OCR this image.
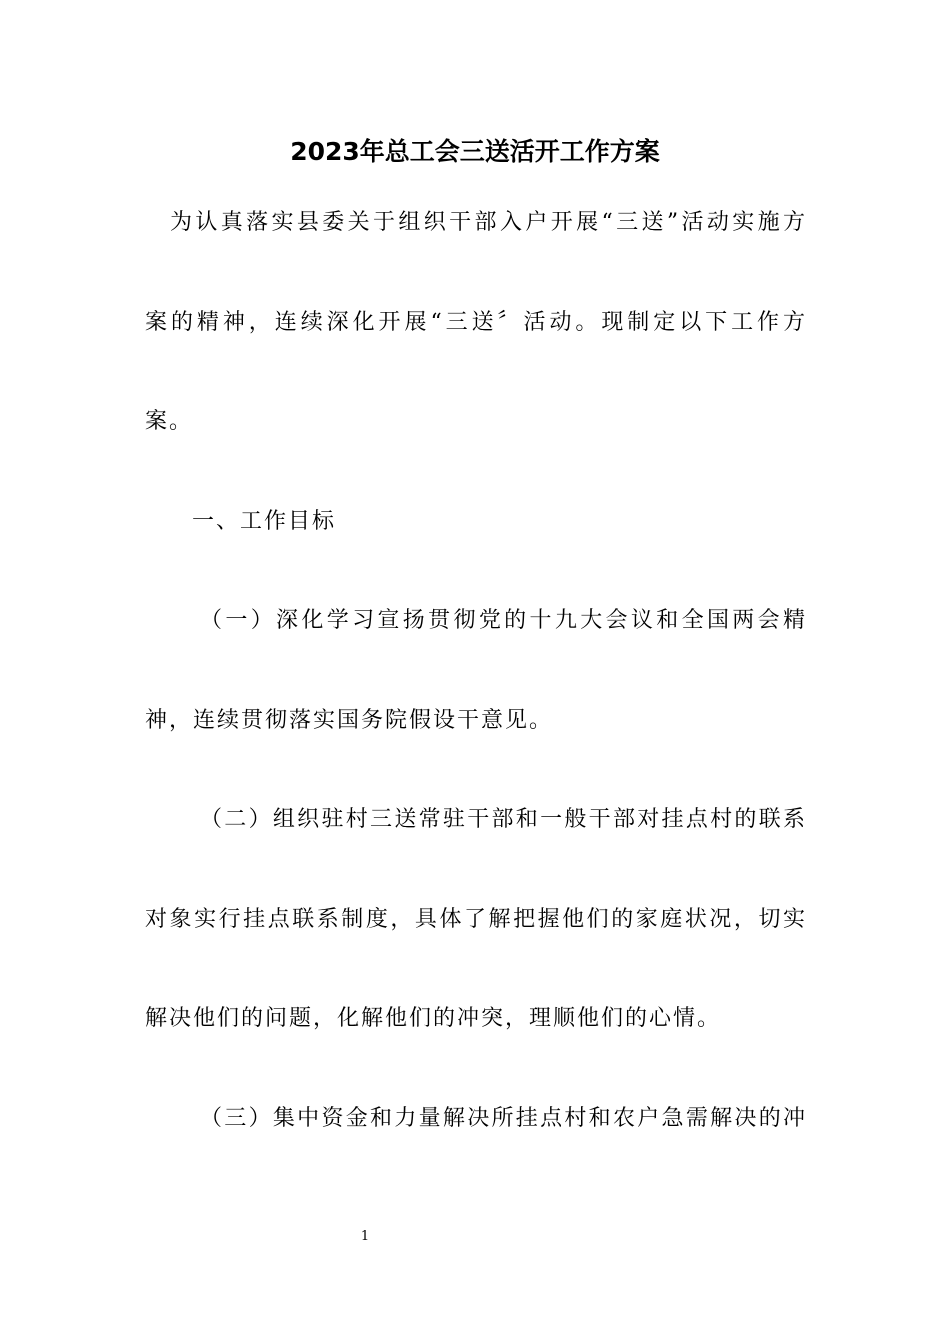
2023年总工会三送活开工作方案
为认真落实县委关于组织干部入户开展“三送”活动实施方
案的精神，连续深化开展“三送〞活动。现制定以下工作方
案。
一、工作目标
（一）深化学习宣扬贯彻党的十九大会议和全国两会精
神，连续贯彻落实国务院假设干意见。
（二）组织驻村三送常驻干部和一般干部对挂点村的联系
对象实行挂点联系制度，具体了解把握他们的家庭状况，切实
解决他们的问题，化解他们的冲突，理顺他们的心情。
（三）集中资金和力量解决所挂点村和农户急需解决的冲
1
